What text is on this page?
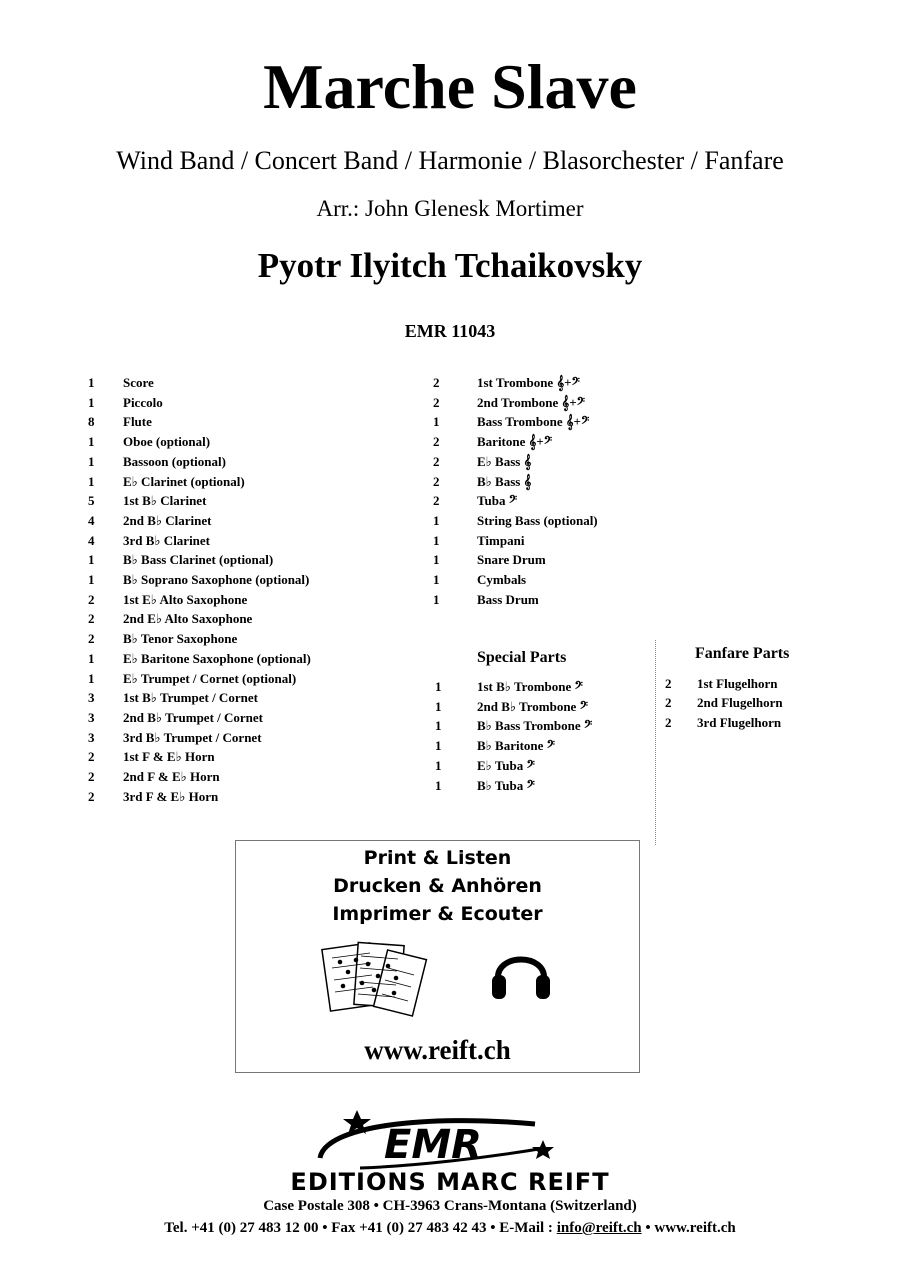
Marche Slave
Wind Band / Concert Band / Harmonie / Blasorchester / Fanfare
Arr.: John Glenesk Mortimer
Pyotr Ilyitch Tchaikovsky
EMR 11043
1 Score
1 Piccolo
8 Flute
1 Oboe (optional)
1 Bassoon (optional)
1 E♭ Clarinet (optional)
5 1st B♭ Clarinet
4 2nd B♭ Clarinet
4 3rd B♭ Clarinet
1 B♭ Bass Clarinet (optional)
1 B♭ Soprano Saxophone (optional)
2 1st E♭ Alto Saxophone
2 2nd E♭ Alto Saxophone
2 B♭ Tenor Saxophone
1 E♭ Baritone Saxophone (optional)
1 E♭ Trumpet / Cornet (optional)
3 1st B♭ Trumpet / Cornet
3 2nd B♭ Trumpet / Cornet
3 3rd B♭ Trumpet / Cornet
2 1st F & E♭ Horn
2 2nd F & E♭ Horn
2 3rd F & E♭ Horn
2	1st Trombone 𝄞+𝄢
2	2nd Trombone 𝄞+𝄢
1	Bass Trombone 𝄞+𝄢
2	Baritone 𝄞+𝄢
2	E♭ Bass 𝄞
2	B♭ Bass 𝄞
2	Tuba 𝄢
1	String Bass (optional)
1	Timpani
1	Snare Drum
1	Cymbals
1	Bass Drum
Special Parts
1	1st B♭ Trombone 𝄢
1	2nd B♭ Trombone 𝄢
1	B♭ Bass Trombone 𝄢
1	B♭ Baritone 𝄢
1	E♭ Tuba 𝄢
1	B♭ Tuba 𝄢
Fanfare Parts
2 1st Flugelhorn
2 2nd Flugelhorn
2 3rd Flugelhorn
Print & Listen
Drucken & Anhören
Imprimer & Ecouter
www.reift.ch
EMR
EDITIONS MARC REIFT
Case Postale 308 • CH-3963 Crans-Montana (Switzerland)
Tel. +41 (0) 27 483 12 00 • Fax +41 (0) 27 483 42 43 • E-Mail : info@reift.ch • www.reift.ch
